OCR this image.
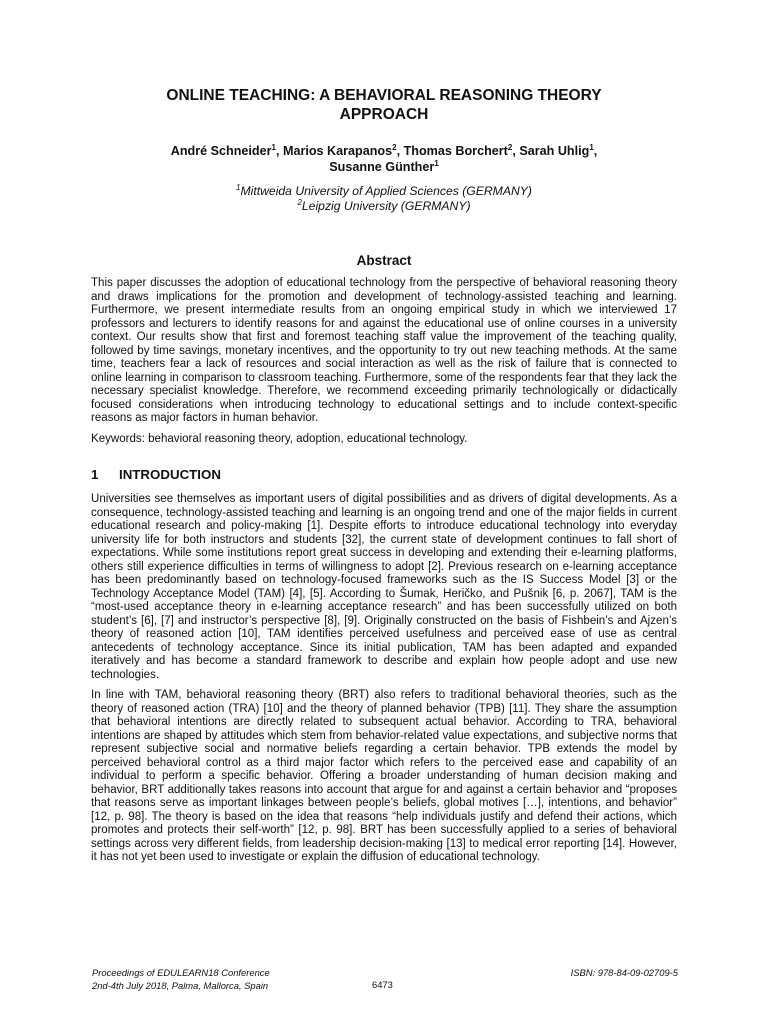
ONLINE TEACHING: A BEHAVIORAL REASONING THEORY
APPROACH
André Schneider$^1$, Marios Karapanos$^2$, Thomas Borchert$^2$, Sarah Uhlig$^1$,
Susanne Günther$^1$
$^1$Mittweida University of Applied Sciences (GERMANY)
$^2$Leipzig University (GERMANY)
Abstract

This paper discusses the adoption of educational technology from the perspective of behavioral reasoning theory and draws implications for the promotion and development of technology-assisted teaching and learning. Furthermore, we present intermediate results from an ongoing empirical study in which we interviewed 17 professors and lecturers to identify reasons for and against the educational use of online courses in a university context. Our results show that first and foremost teaching staff value the improvement of the teaching quality, followed by time savings, monetary incentives, and the opportunity to try out new teaching methods. At the same time, teachers fear a lack of resources and social interaction as well as the risk of failure that is connected to online learning in comparison to classroom teaching. Furthermore, some of the respondents fear that they lack the necessary specialist knowledge. Therefore, we recommend exceeding primarily technologically or didactically focused considerations when introducing technology to educational settings and to include context-specific reasons as major factors in human behavior.

Keywords: behavioral reasoning theory, adoption, educational technology.

1	INTRODUCTION

Universities see themselves as important users of digital possibilities and as drivers of digital developments. As a consequence, technology-assisted teaching and learning is an ongoing trend and one of the major fields in current educational research and policy-making [1]. Despite efforts to introduce educational technology into everyday university life for both instructors and students [32], the current state of development continues to fall short of expectations. While some institutions report great success in developing and extending their e-learning platforms, others still experience difficulties in terms of willingness to adopt [2]. Previous research on e-learning acceptance has been predominantly based on technology-focused frameworks such as the IS Success Model [3] or the Technology Acceptance Model (TAM) [4], [5]. According to Šumak, Heričko, and Pušnik [6, p. 2067], TAM is the “most-used acceptance theory in e-learning acceptance research” and has been successfully utilized on both student’s [6], [7] and instructor’s perspective [8], [9]. Originally constructed on the basis of Fishbein’s and Ajzen’s theory of reasoned action [10], TAM identifies perceived usefulness and perceived ease of use as central antecedents of technology acceptance. Since its initial publication, TAM has been adapted and expanded iteratively and has become a standard framework to describe and explain how people adopt and use new technologies.

In line with TAM, behavioral reasoning theory (BRT) also refers to traditional behavioral theories, such as the theory of reasoned action (TRA) [10] and the theory of planned behavior (TPB) [11]. They share the assumption that behavioral intentions are directly related to subsequent actual behavior. According to TRA, behavioral intentions are shaped by attitudes which stem from behavior-related value expectations, and subjective norms that represent subjective social and normative beliefs regarding a certain behavior. TPB extends the model by perceived behavioral control as a third major factor which refers to the perceived ease and capability of an individual to perform a specific behavior. Offering a broader understanding of human decision making and behavior, BRT additionally takes reasons into account that argue for and against a certain behavior and “proposes that reasons serve as important linkages between people’s beliefs, global motives […], intentions, and behavior” [12, p. 98]. The theory is based on the idea that reasons “help individuals justify and defend their actions, which promotes and protects their self-worth” [12, p. 98]. BRT has been successfully applied to a series of behavioral settings across very different fields, from leadership decision-making [13] to medical error reporting [14]. However, it has not yet been used to investigate or explain the diffusion of educational technology.

Proceedings of EDULEARN18 Conference
2nd-4th July 2018, Palma, Mallorca, Spain	6473
ISBN: 978-84-09-02709-5
